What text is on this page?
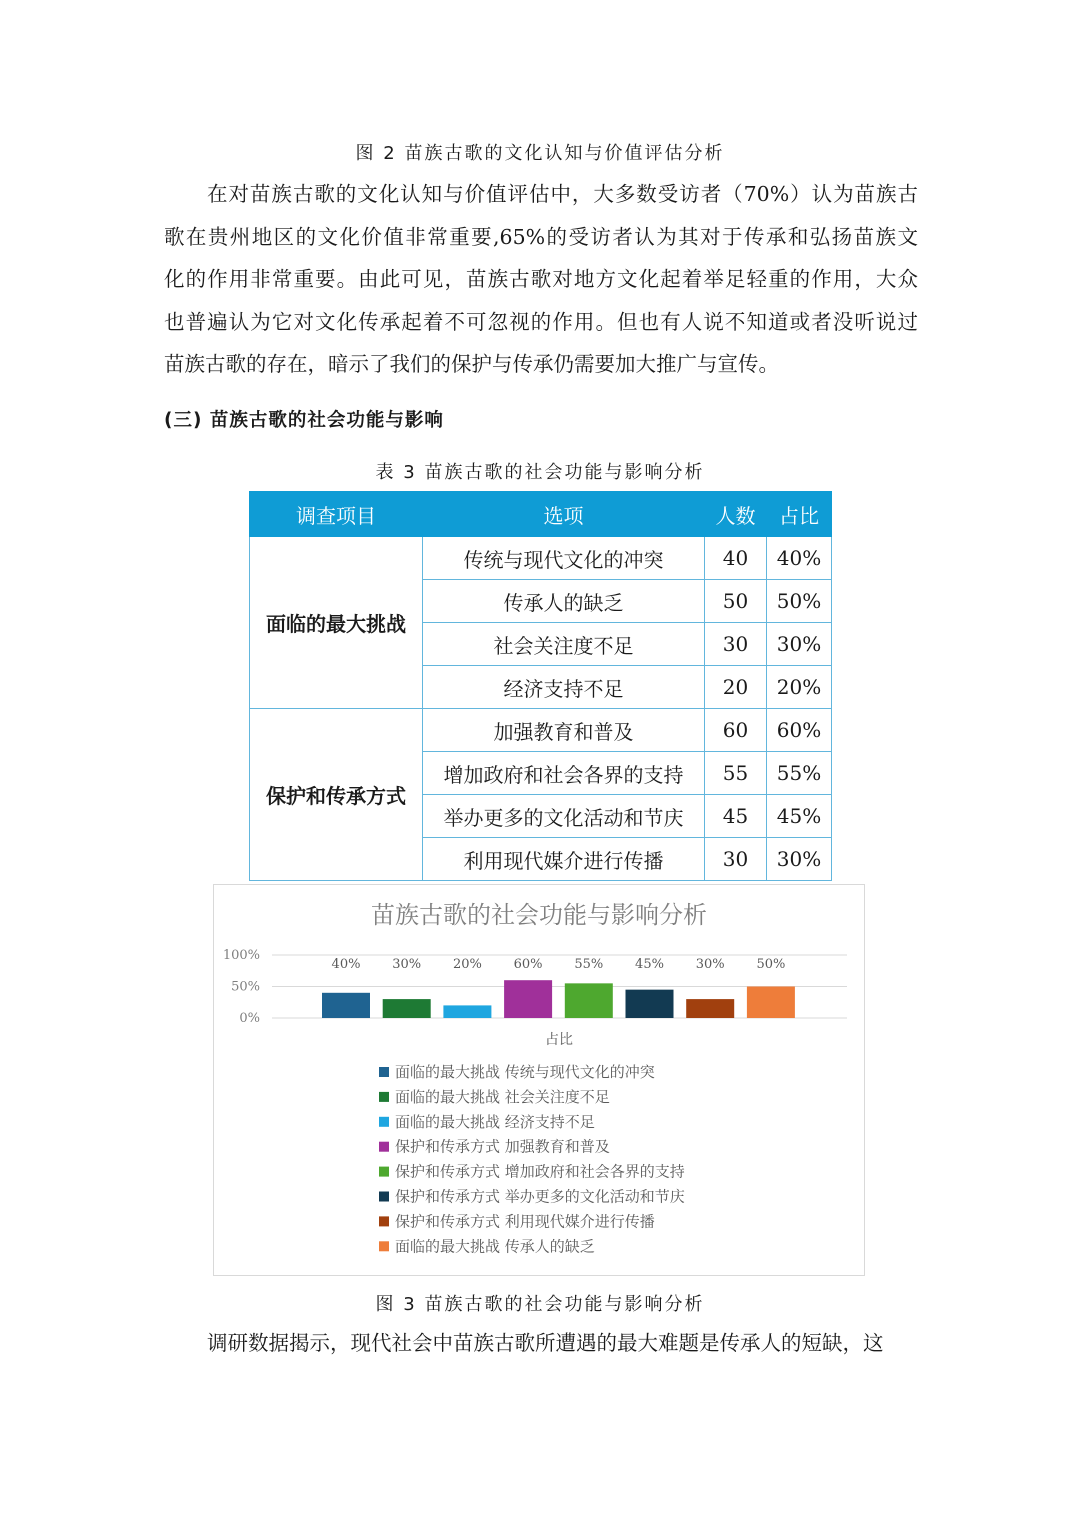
图 2 苗族古歌的文化认知与价值评估分析

在对苗族古歌的文化认知与价值评估中，大多数受访者（70%）认为苗族古
歌在贵州地区的文化价值非常重要,65%的受访者认为其对于传承和弘扬苗族文
化的作用非常重要。由此可见，苗族古歌对地方文化起着举足轻重的作用，大众
也普遍认为它对文化传承起着不可忽视的作用。但也有人说不知道或者没听说过
苗族古歌的存在，暗示了我们的保护与传承仍需要加大推广与宣传。

(三) 苗族古歌的社会功能与影响
表 3 苗族古歌的社会功能与影响分析
调查项目	选项	人数	占比
面临的最大挑战	传统与现代文化的冲突	40	40%
	传承人的缺乏	50	50%
	社会关注度不足	30	30%
	经济支持不足	20	20%
保护和传承方式	加强教育和普及	60	60%
	增加政府和社会各界的支持	55	55%
	举办更多的文化活动和节庆	45	45%
	利用现代媒介进行传播	30	30%
苗族古歌的社会功能与影响分析
100%
50%
0%
40% 30% 20% 60% 55% 45% 30% 50%
占比
面临的最大挑战 传统与现代文化的冲突
面临的最大挑战 社会关注度不足
面临的最大挑战 经济支持不足
保护和传承方式 加强教育和普及
保护和传承方式 增加政府和社会各界的支持
保护和传承方式 举办更多的文化活动和节庆
保护和传承方式 利用现代媒介进行传播
面临的最大挑战 传承人的缺乏
图 3 苗族古歌的社会功能与影响分析

调研数据揭示，现代社会中苗族古歌所遭遇的最大难题是传承人的短缺，这
